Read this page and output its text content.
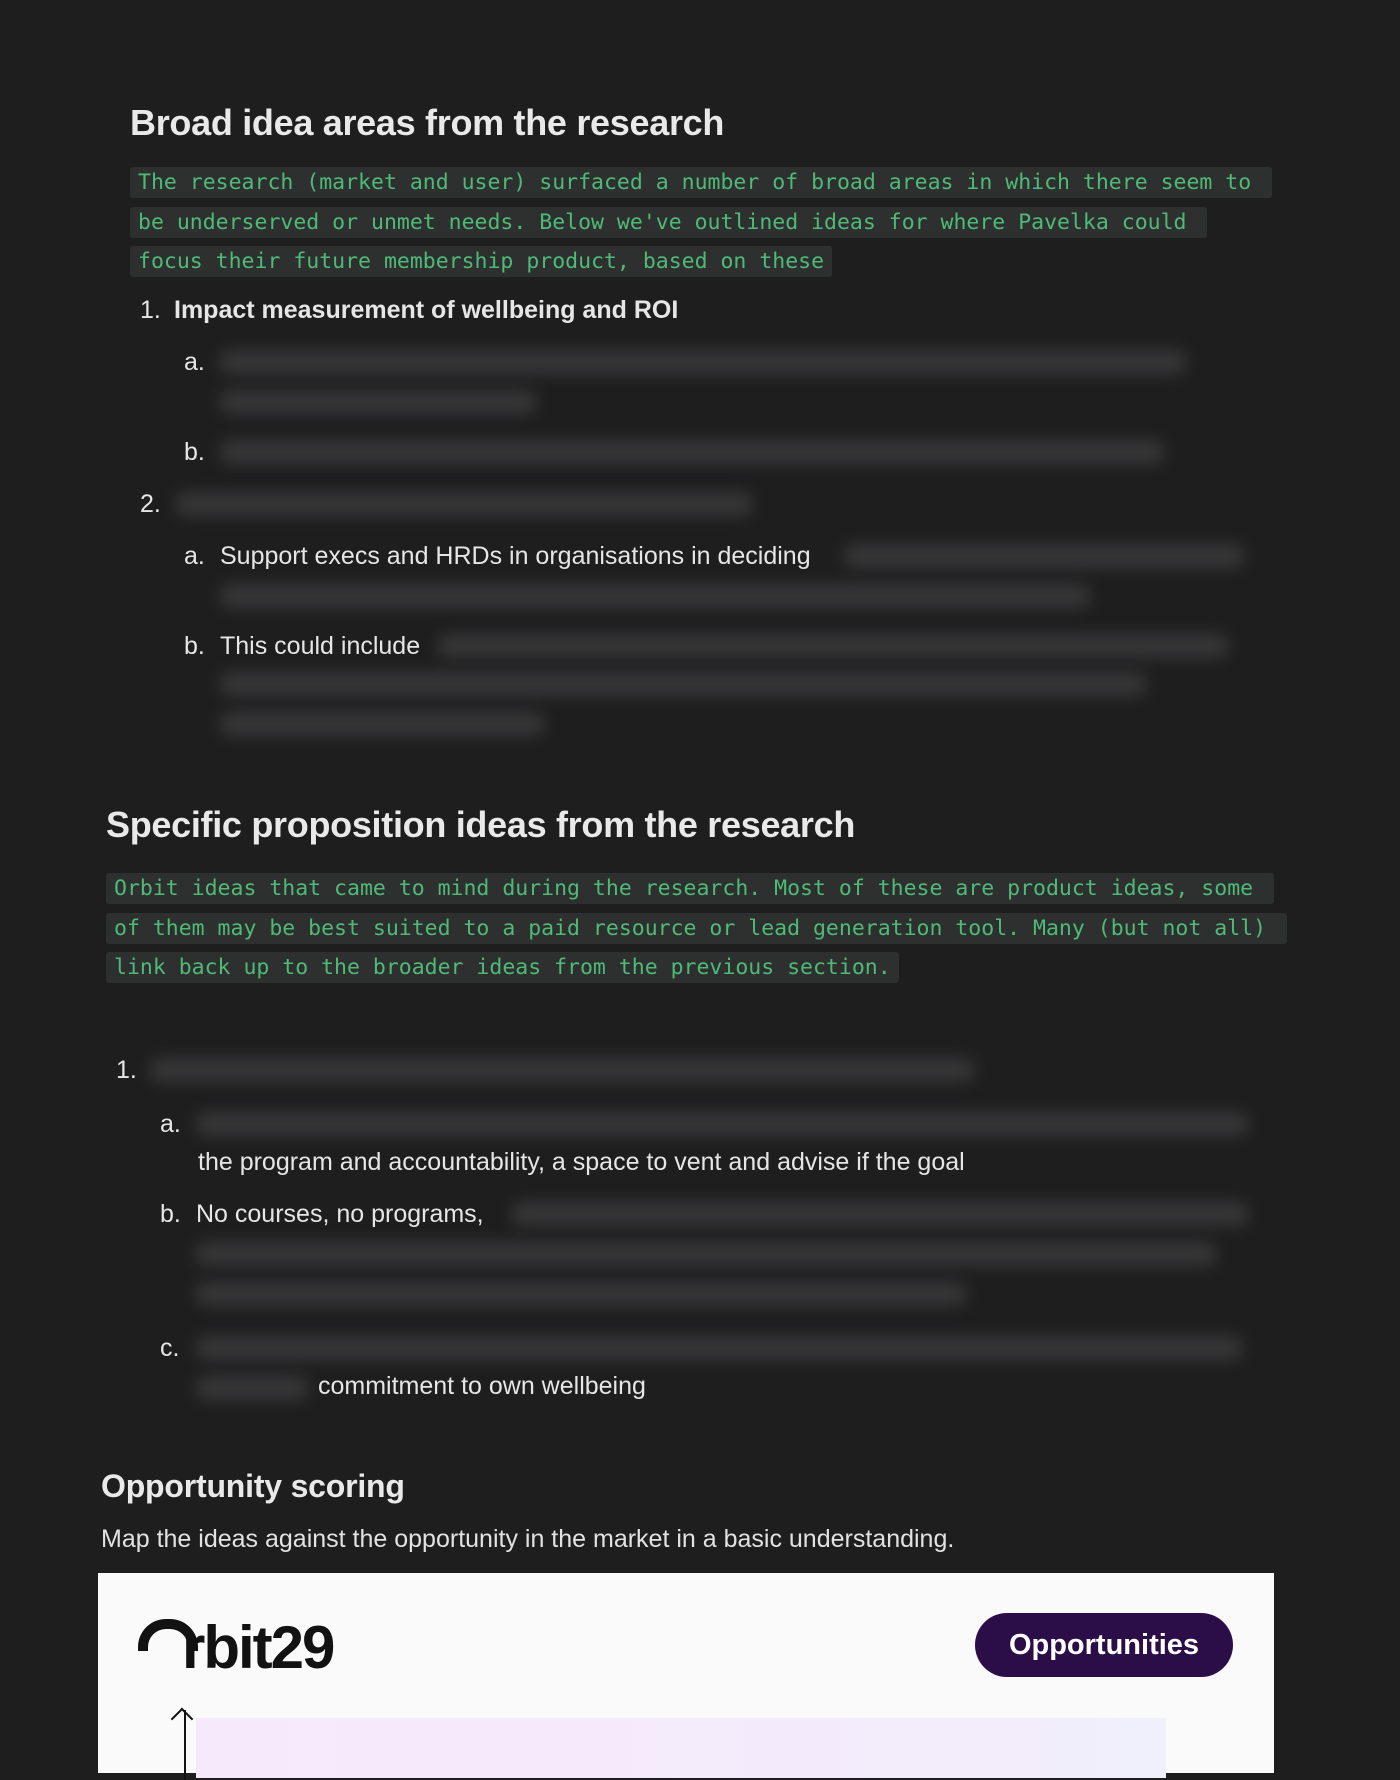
Broad idea areas from the research

The research (market and user) surfaced a number of broad areas in which there seem to be underserved or unmet needs. Below we've outlined ideas for where Pavelka could focus their future membership product, based on these

1. Impact measurement of wellbeing and ROI
a.
b.
2.
a. Support execs and HRDs in organisations in deciding
b. This could include
Specific proposition ideas from the research

Orbit ideas that came to mind during the research. Most of these are product ideas, some of them may be best suited to a paid resource or lead generation tool. Many (but not all) link back up to the broader ideas from the previous section.

1.
a.
the program and accountability, a space to vent and advise if the goal
b. No courses, no programs,
c.
commitment to own wellbeing
Opportunity scoring
Map the ideas against the opportunity in the market in a basic understanding.
rbit29	Opportunities
